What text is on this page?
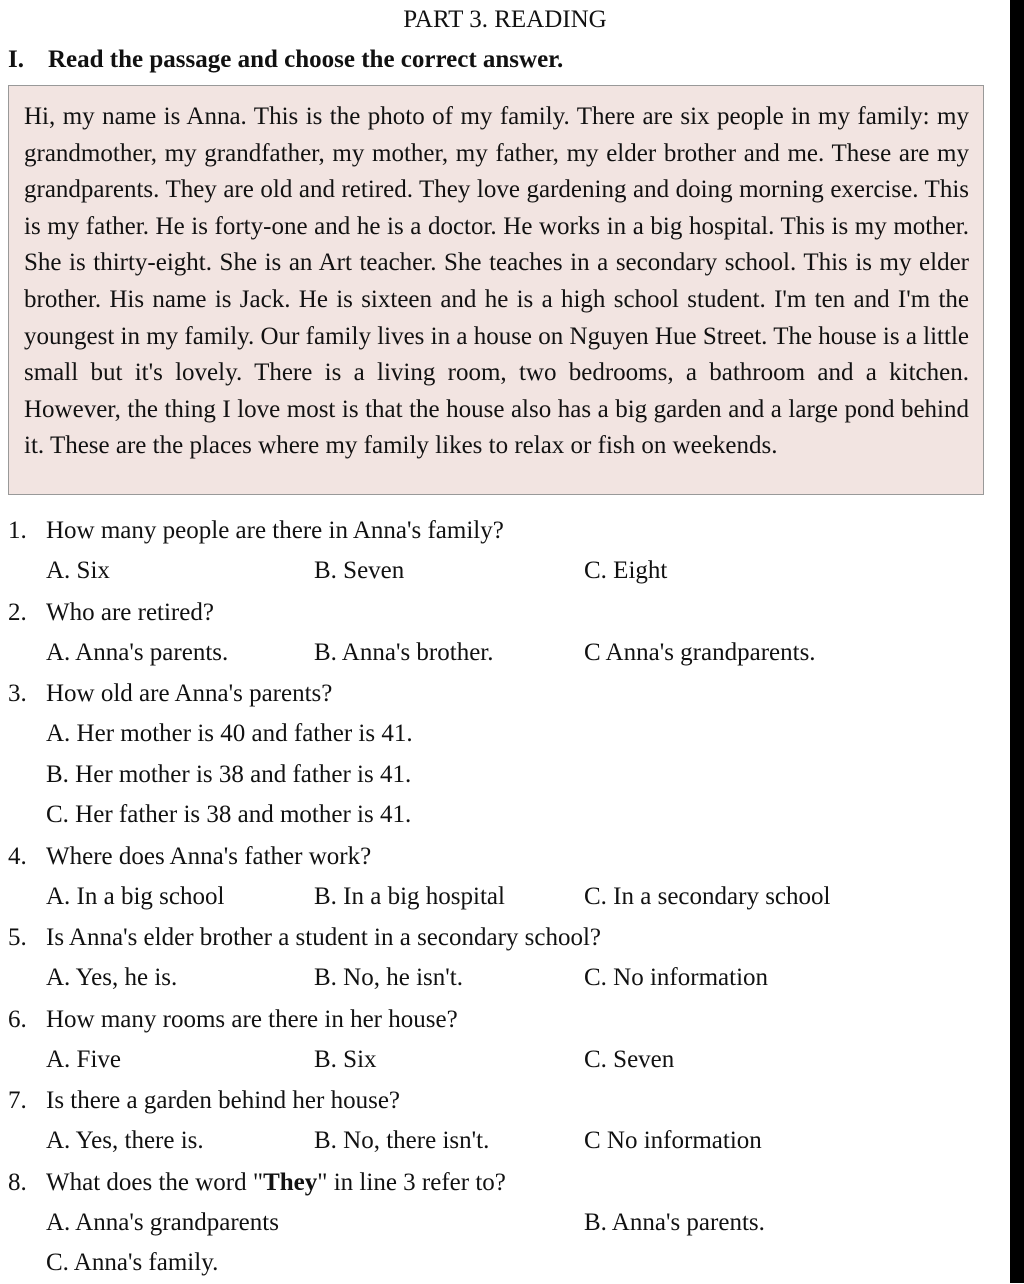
PART 3. READING
I. Read the passage and choose the correct answer.

Hi, my name is Anna. This is the photo of my family. There are six people in my family: my grandmother, my grandfather, my mother, my father, my elder brother and me. These are my grandparents. They are old and retired. They love gardening and doing morning exercise. This is my father. He is forty-one and he is a doctor. He works in a big hospital. This is my mother. She is thirty-eight. She is an Art teacher. She teaches in a secondary school. This is my elder brother. His name is Jack. He is sixteen and he is a high school student. I'm ten and I'm the youngest in my family. Our family lives in a house on Nguyen Hue Street. The house is a little small but it's lovely. There is a living room, two bedrooms, a bathroom and a kitchen. However, the thing I love most is that the house also has a big garden and a large pond behind it. These are the places where my family likes to relax or fish on weekends.

1. How many people are there in Anna's family?
A. Six	B. Seven	C. Eight
2. Who are retired?
A. Anna's parents.	B. Anna's brother.	C Anna's grandparents.
3. How old are Anna's parents?
A. Her mother is 40 and father is 41.
B. Her mother is 38 and father is 41.
C. Her father is 38 and mother is 41.
4. Where does Anna's father work?
A. In a big school	B. In a big hospital	C. In a secondary school
5. Is Anna's elder brother a student in a secondary school?
A. Yes, he is.	B. No, he isn't.	C. No information
6. How many rooms are there in her house?
A. Five	B. Six	C. Seven
7. Is there a garden behind her house?
A. Yes, there is.	B. No, there isn't.	C No information
8. What does the word "They" in line 3 refer to?
A. Anna's grandparents	B. Anna's parents.
C. Anna's family.
